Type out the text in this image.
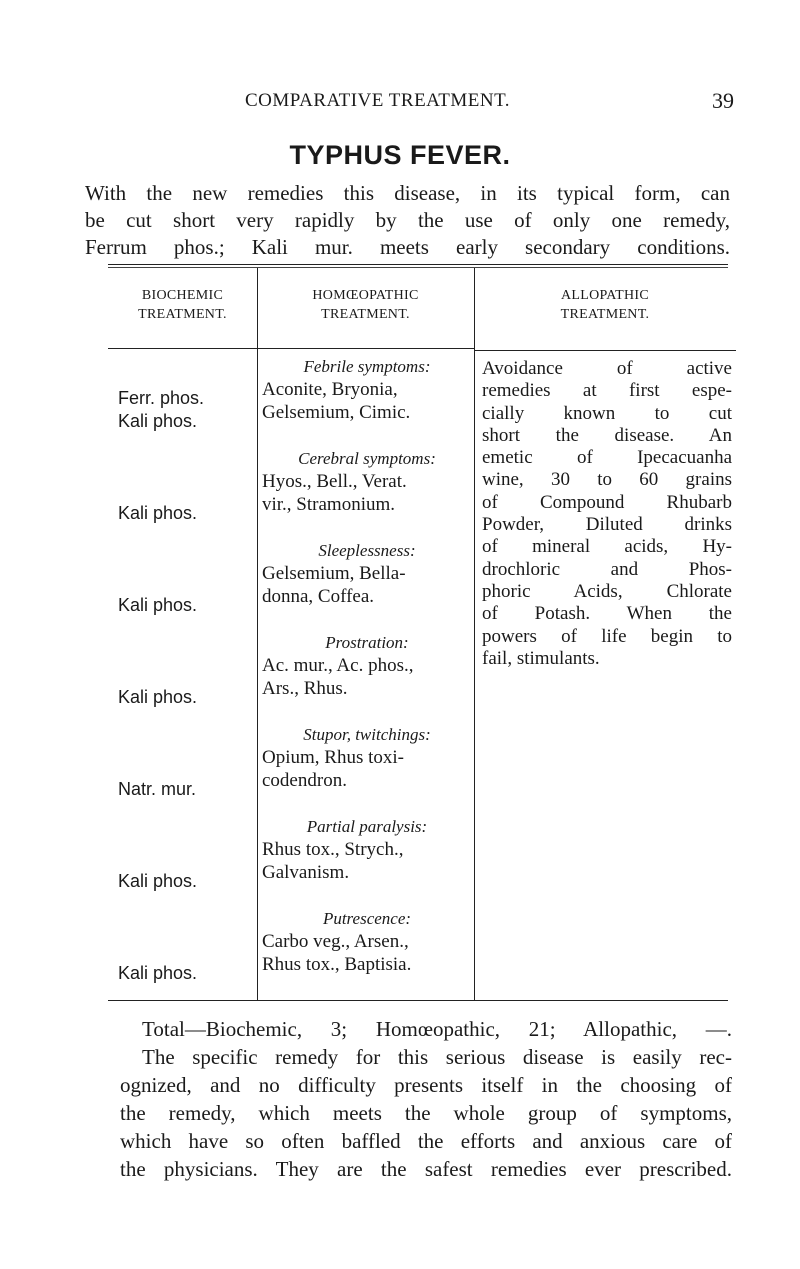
COMPARATIVE TREATMENT.	39
TYPHUS FEVER.
With the new remedies this disease, in its typical form, can
be cut short very rapidly by the use of only one remedy,
Ferrum phos.; Kali mur. meets early secondary conditions.
BIOCHEMIC
TREATMENT.
HOMŒOPATHIC
TREATMENT.
ALLOPATHIC
TREATMENT.
Ferr. phos.
Kali phos.
Kali phos.
Kali phos.
Kali phos.
Natr. mur.
Kali phos.
Kali phos.
Febrile symptoms:
Aconite, Bryonia,
Gelsemium, Cimic.
Cerebral symptoms:
Hyos., Bell., Verat.
vir., Stramonium.
Sleeplessness:
Gelsemium, Bella-
donna, Coffea.
Prostration:
Ac. mur., Ac. phos.,
Ars., Rhus.
Stupor, twitchings:
Opium, Rhus toxi-
codendron.
Partial paralysis:
Rhus tox., Strych.,
Galvanism.
Putrescence:
Carbo veg., Arsen.,
Rhus tox., Baptisia.
Avoidance of active
remedies at first espe-
cially known to cut
short the disease. An
emetic of Ipecacuanha
wine, 30 to 60 grains
of Compound Rhubarb
Powder, Diluted drinks
of mineral acids, Hy-
drochloric and Phos-
phoric Acids, Chlorate
of Potash. When the
powers of life begin to
fail, stimulants.
Total—Biochemic, 3; Homœopathic, 21; Allopathic, —.
The specific remedy for this serious disease is easily rec-
ognized, and no difficulty presents itself in the choosing of
the remedy, which meets the whole group of symptoms,
which have so often baffled the efforts and anxious care of
the physicians. They are the safest remedies ever prescribed.
